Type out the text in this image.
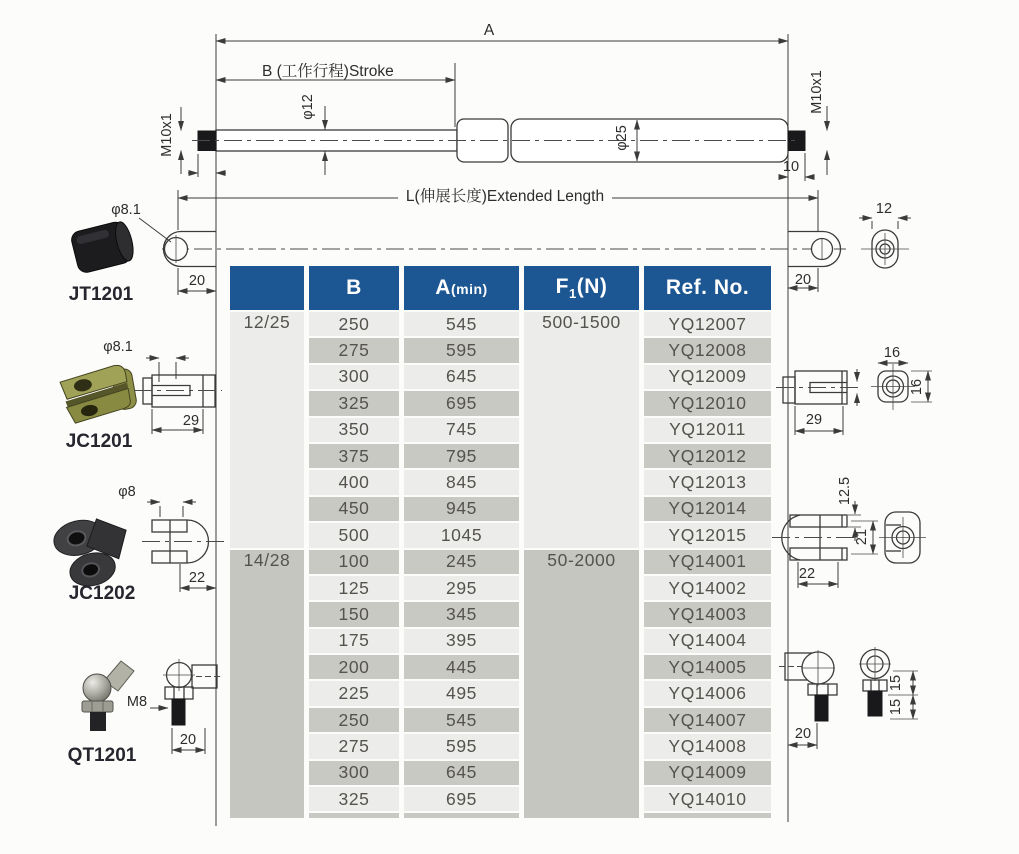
A
B (工作行程)Stroke
φ12
φ25
M10x1
M10x1
10
L(伸展长度)Extended Length
20	20
12
φ8.1
JT1201
φ8.1
29
JC1201
φ8
22
JC1202
M8
20
QT1201
29
16
16
12.5
21
22
20
15
15
	B	A(min)	$F_1(N)$	Ref. No.
12/25	250	545	500-1500	YQ12007
	275	595		YQ12008
	300	645		YQ12009
	325	695		YQ12010
	350	745		YQ12011
	375	795		YQ12012
	400	845		YQ12013
	450	945		YQ12014
	500	1045		YQ12015
14/28	100	245	50-2000	YQ14001
	125	295		YQ14002
	150	345		YQ14003
	175	395		YQ14004
	200	445		YQ14005
	225	495		YQ14006
	250	545		YQ14007
	275	595		YQ14008
	300	645		YQ14009
	325	695		YQ14010
